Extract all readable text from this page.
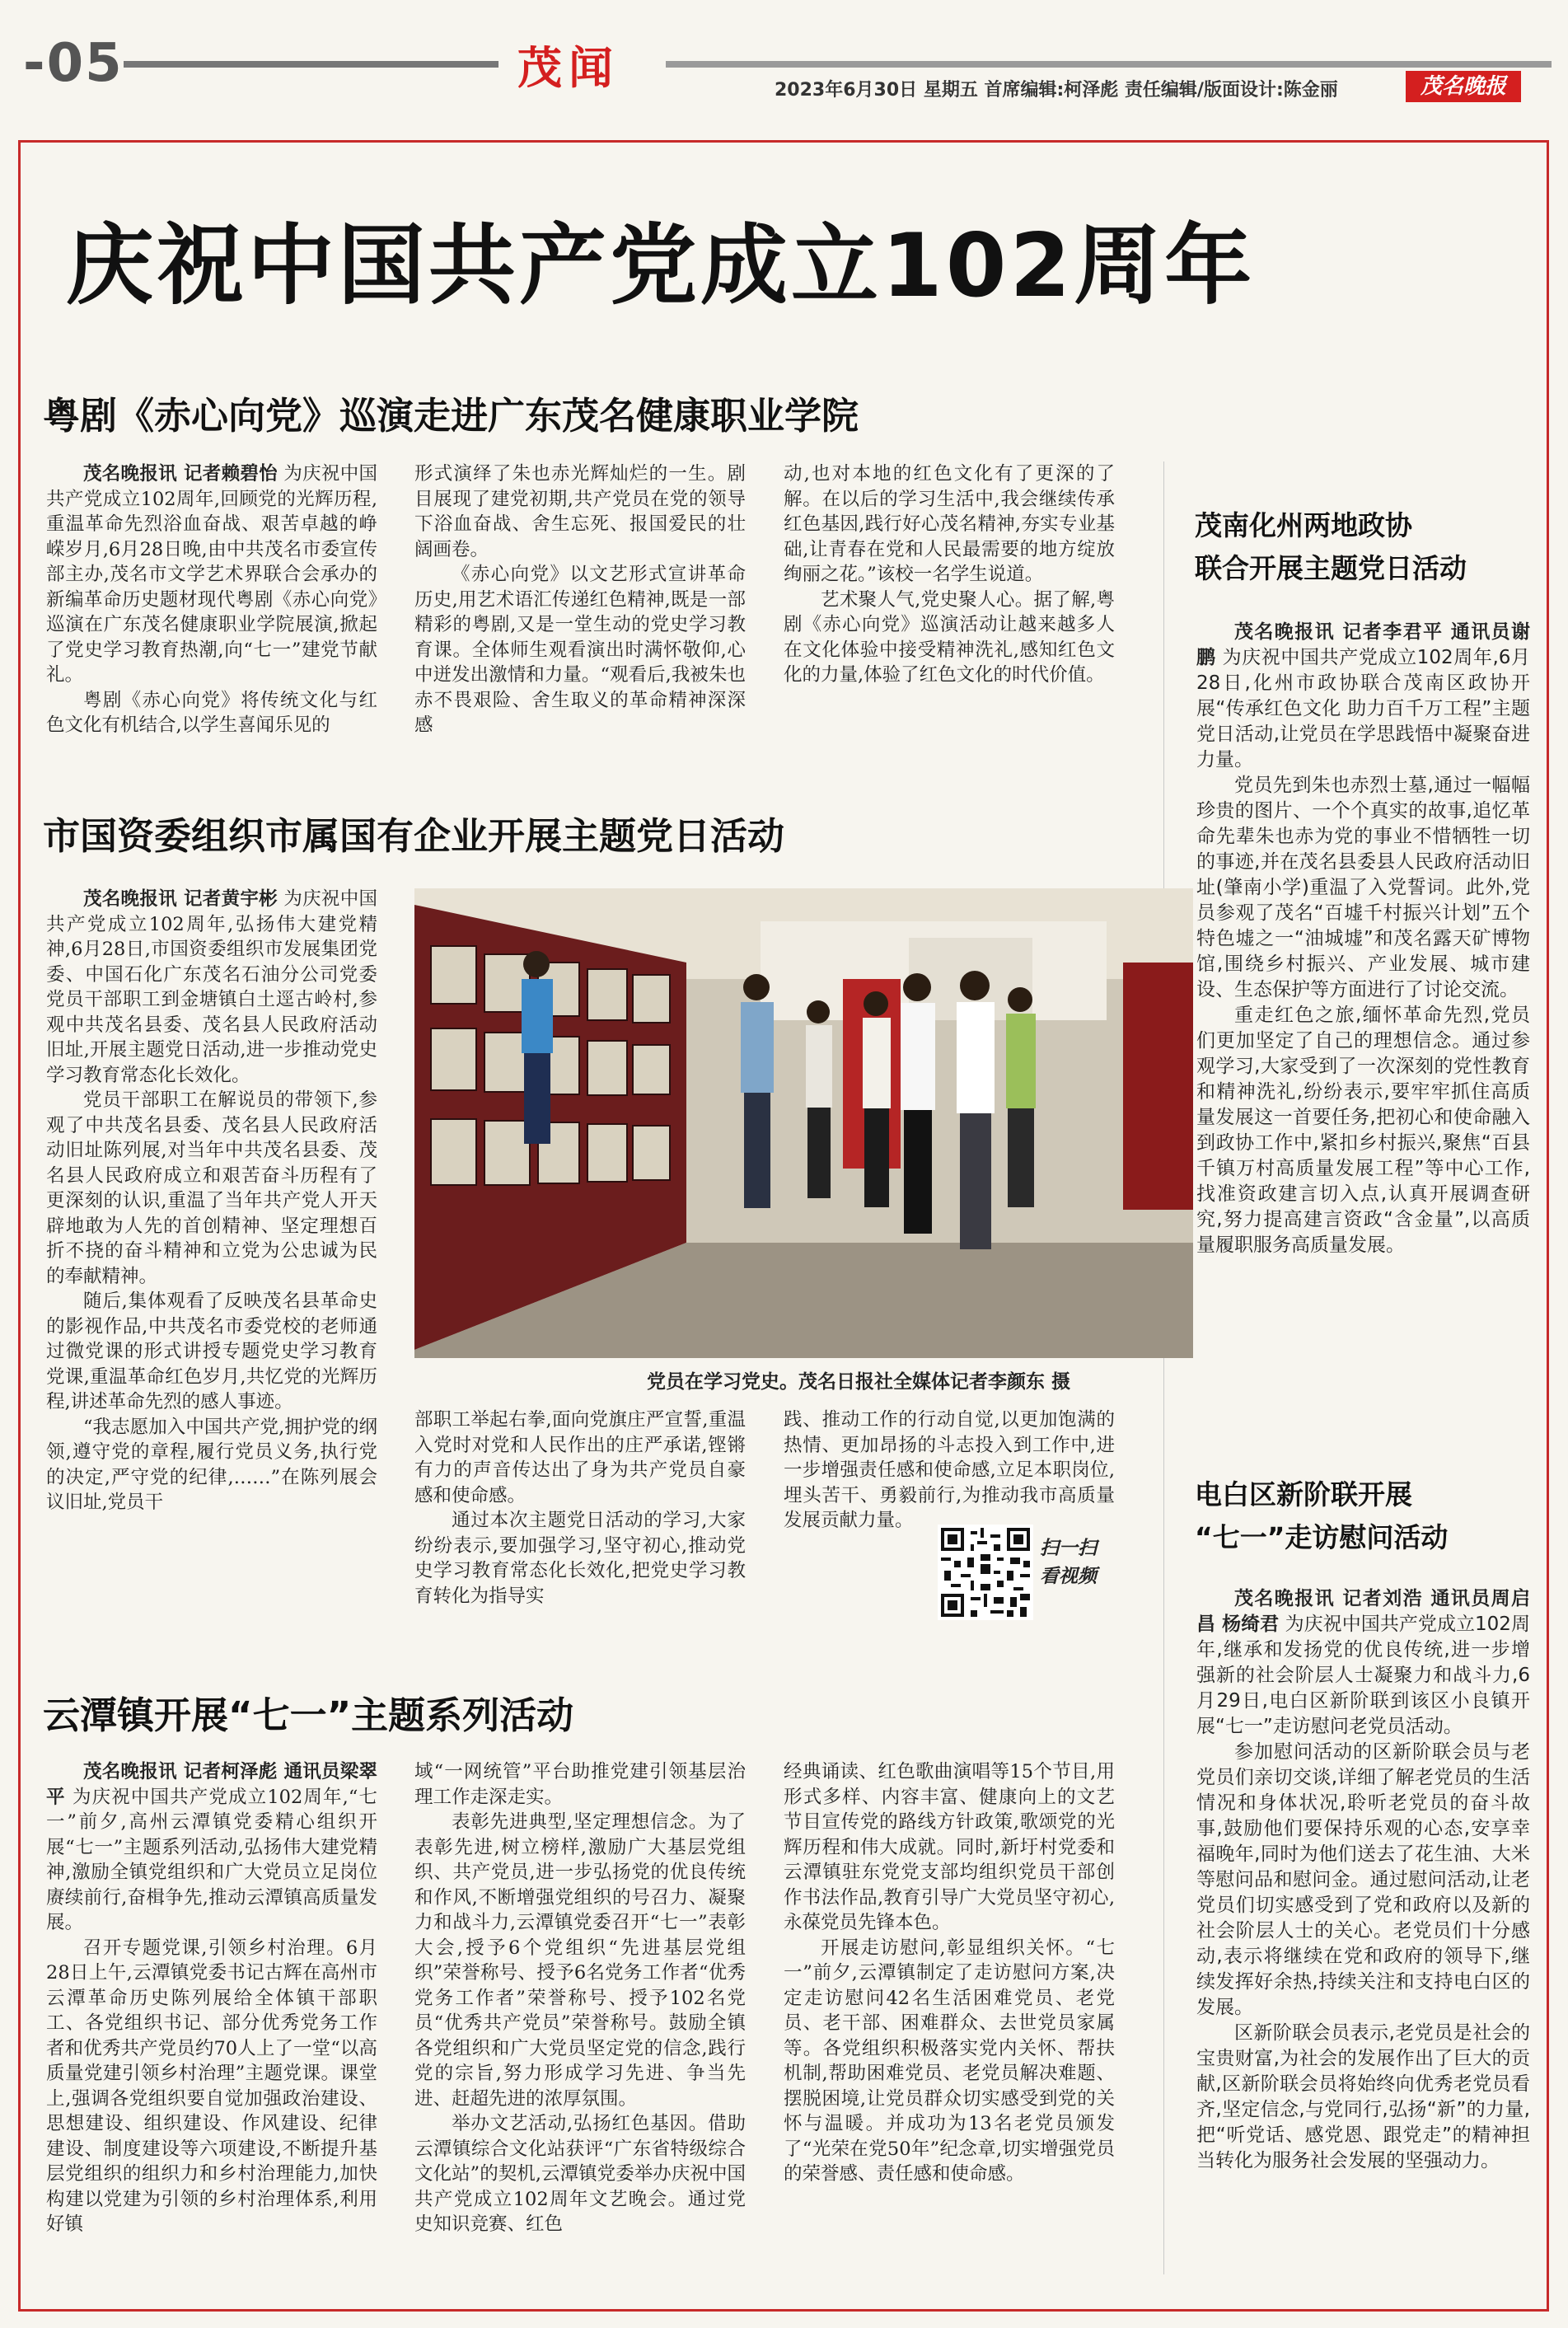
-05	茂闻	2023年6月30日 星期五 首席编辑:柯泽彪 责任编辑/版面设计:陈金丽	茂名晚报
庆祝中国共产党成立102周年
粤剧《赤心向党》巡演走进广东茂名健康职业学院

茂名晚报讯 记者赖碧怡 为庆祝中国共产党成立102周年,回顾党的光辉历程,重温革命先烈浴血奋战、艰苦卓越的峥嵘岁月,6月28日晚,由中共茂名市委宣传部主办,茂名市文学艺术界联合会承办的新编革命历史题材现代粤剧《赤心向党》巡演在广东茂名健康职业学院展演,掀起了党史学习教育热潮,向“七一”建党节献礼。

粤剧《赤心向党》将传统文化与红色文化有机结合,以学生喜闻乐见的

形式演绎了朱也赤光辉灿烂的一生。剧目展现了建党初期,共产党员在党的领导下浴血奋战、舍生忘死、报国爱民的壮阔画卷。

《赤心向党》以文艺形式宣讲革命历史,用艺术语汇传递红色精神,既是一部精彩的粤剧,又是一堂生动的党史学习教育课。全体师生观看演出时满怀敬仰,心中迸发出激情和力量。“观看后,我被朱也赤不畏艰险、舍生取义的革命精神深深感

动,也对本地的红色文化有了更深的了解。在以后的学习生活中,我会继续传承红色基因,践行好心茂名精神,夯实专业基础,让青春在党和人民最需要的地方绽放绚丽之花。”该校一名学生说道。

艺术聚人气,党史聚人心。据了解,粤剧《赤心向党》巡演活动让越来越多人在文化体验中接受精神洗礼,感知红色文化的力量,体验了红色文化的时代价值。

市国资委组织市属国有企业开展主题党日活动

茂名晚报讯 记者黄宇彬 为庆祝中国共产党成立102周年,弘扬伟大建党精神,6月28日,市国资委组织市发展集团党委、中国石化广东茂名石油分公司党委党员干部职工到金塘镇白土逕古岭村,参观中共茂名县委、茂名县人民政府活动旧址,开展主题党日活动,进一步推动党史学习教育常态化长效化。

党员干部职工在解说员的带领下,参观了中共茂名县委、茂名县人民政府活动旧址陈列展,对当年中共茂名县委、茂名县人民政府成立和艰苦奋斗历程有了更深刻的认识,重温了当年共产党人开天辟地敢为人先的首创精神、坚定理想百折不挠的奋斗精神和立党为公忠诚为民的奉献精神。

随后,集体观看了反映茂名县革命史的影视作品,中共茂名市委党校的老师通过微党课的形式讲授专题党史学习教育党课,重温革命红色岁月,共忆党的光辉历程,讲述革命先烈的感人事迹。

“我志愿加入中国共产党,拥护党的纲领,遵守党的章程,履行党员义务,执行党的决定,严守党的纪律,……”在陈列展会议旧址,党员干

党员在学习党史。茂名日报社全媒体记者李颜东 摄

部职工举起右拳,面向党旗庄严宣誓,重温入党时对党和人民作出的庄严承诺,铿锵有力的声音传达出了身为共产党员自豪感和使命感。

通过本次主题党日活动的学习,大家纷纷表示,要加强学习,坚守初心,推动党史学习教育常态化长效化,把党史学习教育转化为指导实

践、推动工作的行动自觉,以更加饱满的热情、更加昂扬的斗志投入到工作中,进一步增强责任感和使命感,立足本职岗位,埋头苦干、勇毅前行,为推动我市高质量发展贡献力量。

扫一扫看视频
云潭镇开展“七一”主题系列活动

茂名晚报讯 记者柯泽彪 通讯员梁翠平 为庆祝中国共产党成立102周年,“七一”前夕,高州云潭镇党委精心组织开展“七一”主题系列活动,弘扬伟大建党精神,激励全镇党组织和广大党员立足岗位赓续前行,奋楫争先,推动云潭镇高质量发展。

召开专题党课,引领乡村治理。6月28日上午,云潭镇党委书记古辉在高州市云潭革命历史陈列展给全体镇干部职工、各党组织书记、部分优秀党务工作者和优秀共产党员约70人上了一堂“以高质量党建引领乡村治理”主题党课。课堂上,强调各党组织要自觉加强政治建设、思想建设、组织建设、作风建设、纪律建设、制度建设等六项建设,不断提升基层党组织的组织力和乡村治理能力,加快构建以党建为引领的乡村治理体系,利用好镇

域“一网统管”平台助推党建引领基层治理工作走深走实。

表彰先进典型,坚定理想信念。为了表彰先进,树立榜样,激励广大基层党组织、共产党员,进一步弘扬党的优良传统和作风,不断增强党组织的号召力、凝聚力和战斗力,云潭镇党委召开“七一”表彰大会,授予6个党组织“先进基层党组织”荣誉称号、授予6名党务工作者“优秀党务工作者”荣誉称号、授予102名党员“优秀共产党员”荣誉称号。鼓励全镇各党组织和广大党员坚定党的信念,践行党的宗旨,努力形成学习先进、争当先进、赶超先进的浓厚氛围。

举办文艺活动,弘扬红色基因。借助云潭镇综合文化站获评“广东省特级综合文化站”的契机,云潭镇党委举办庆祝中国共产党成立102周年文艺晚会。通过党史知识竞赛、红色

经典诵读、红色歌曲演唱等15个节目,用形式多样、内容丰富、健康向上的文艺节目宣传党的路线方针政策,歌颂党的光辉历程和伟大成就。同时,新圩村党委和云潭镇驻东党党支部均组织党员干部创作书法作品,教育引导广大党员坚守初心,永葆党员先锋本色。

开展走访慰问,彰显组织关怀。“七一”前夕,云潭镇制定了走访慰问方案,决定走访慰问42名生活困难党员、老党员、老干部、困难群众、去世党员家属等。各党组织积极落实党内关怀、帮扶机制,帮助困难党员、老党员解决难题、摆脱困境,让党员群众切实感受到党的关怀与温暖。并成功为13名老党员颁发了“光荣在党50年”纪念章,切实增强党员的荣誉感、责任感和使命感。

茂南化州两地政协
联合开展主题党日活动

茂名晚报讯 记者李君平 通讯员谢鹏 为庆祝中国共产党成立102周年,6月28日,化州市政协联合茂南区政协开展“传承红色文化 助力百千万工程”主题党日活动,让党员在学思践悟中凝聚奋进力量。

党员先到朱也赤烈士墓,通过一幅幅珍贵的图片、一个个真实的故事,追忆革命先辈朱也赤为党的事业不惜牺牲一切的事迹,并在茂名县委县人民政府活动旧址(肇南小学)重温了入党誓词。此外,党员参观了茂名“百墟千村振兴计划”五个特色墟之一“油城墟”和茂名露天矿博物馆,围绕乡村振兴、产业发展、城市建设、生态保护等方面进行了讨论交流。

重走红色之旅,缅怀革命先烈,党员们更加坚定了自己的理想信念。通过参观学习,大家受到了一次深刻的党性教育和精神洗礼,纷纷表示,要牢牢抓住高质量发展这一首要任务,把初心和使命融入到政协工作中,紧扣乡村振兴,聚焦“百县千镇万村高质量发展工程”等中心工作,找准资政建言切入点,认真开展调查研究,努力提高建言资政“含金量”,以高质量履职服务高质量发展。

电白区新阶联开展
“七一”走访慰问活动

茂名晚报讯 记者刘浩 通讯员周启昌 杨绮君 为庆祝中国共产党成立102周年,继承和发扬党的优良传统,进一步增强新的社会阶层人士凝聚力和战斗力,6月29日,电白区新阶联到该区小良镇开展“七一”走访慰问老党员活动。

参加慰问活动的区新阶联会员与老党员们亲切交谈,详细了解老党员的生活情况和身体状况,聆听老党员的奋斗故事,鼓励他们要保持乐观的心态,安享幸福晚年,同时为他们送去了花生油、大米等慰问品和慰问金。通过慰问活动,让老党员们切实感受到了党和政府以及新的社会阶层人士的关心。老党员们十分感动,表示将继续在党和政府的领导下,继续发挥好余热,持续关注和支持电白区的发展。

区新阶联会员表示,老党员是社会的宝贵财富,为社会的发展作出了巨大的贡献,区新阶联会员将始终向优秀老党员看齐,坚定信念,与党同行,弘扬“新”的力量,把“听党话、感党恩、跟党走”的精神担当转化为服务社会发展的坚强动力。
